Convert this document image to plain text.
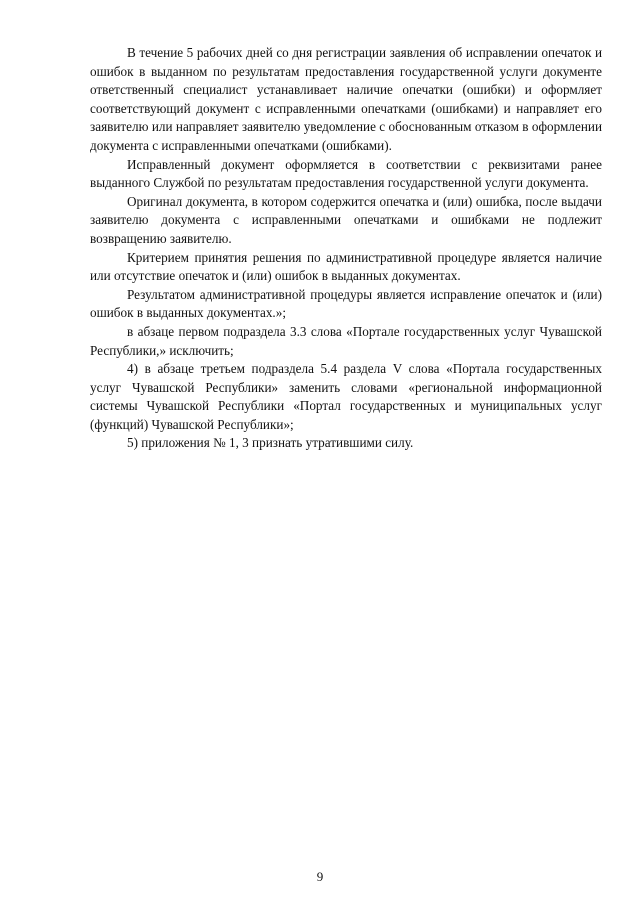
В течение 5 рабочих дней со дня регистрации заявления об исправлении опечаток и ошибок в выданном по результатам предоставления государственной услуги документе ответственный специалист устанавливает наличие опечатки (ошибки) и оформляет соответствующий документ с исправленными опечатками (ошибками) и направляет его заявителю или направляет заявителю уведомление с обоснованным отказом в оформлении документа с исправленными опечатками (ошибками).

Исправленный документ оформляется в соответствии с реквизитами ранее выданного Службой по результатам предоставления государственной услуги документа.

Оригинал документа, в котором содержится опечатка и (или) ошибка, после выдачи заявителю документа с исправленными опечатками и ошибками не подлежит возвращению заявителю.

Критерием принятия решения по административной процедуре является наличие или отсутствие опечаток и (или) ошибок в выданных документах.

Результатом административной процедуры является исправление опечаток и (или) ошибок в выданных документах.»;

в абзаце первом подраздела 3.3 слова «Портале государственных услуг Чувашской Республики,» исключить;

4) в абзаце третьем подраздела 5.4 раздела V слова «Портала государственных услуг Чувашской Республики» заменить словами «региональной информационной системы Чувашской Республики «Портал государственных и муниципальных услуг (функций) Чувашской Республики»;

5) приложения № 1, 3 признать утратившими силу.

9
